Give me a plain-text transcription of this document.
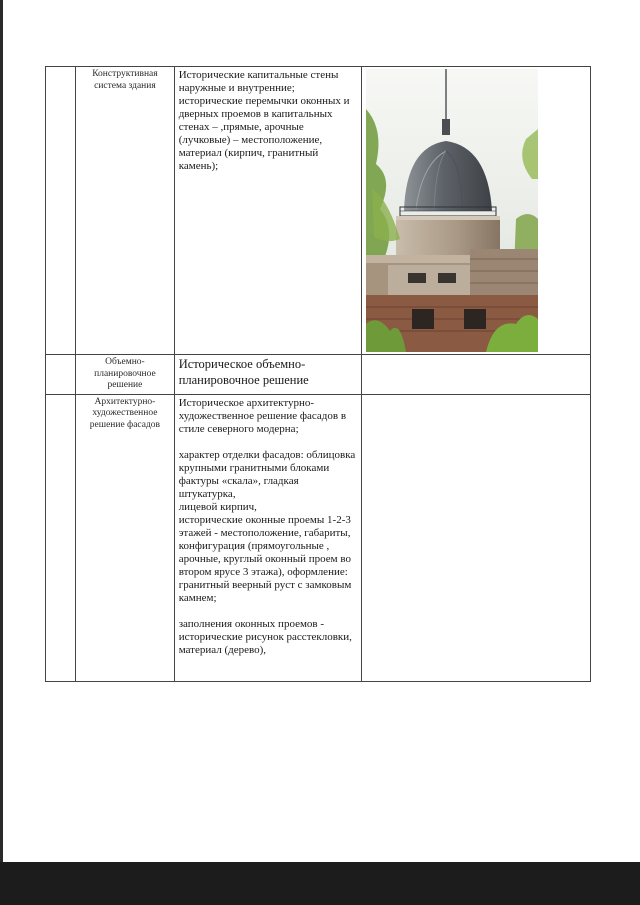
	Конструктивная система здания	Исторические капитальные стены наружные и внутренние;
исторические перемычки оконных и дверных проемов в капитальных стенах – ,прямые, арочные (лучковые) – местоположение, материал (кирпич, гранитный камень);

	Объемно-планировочное решение	Историческое объемно-планировочное решение	

	Архитектурно-художественное решение фасадов	Историческое архитектурно-художественное решение фасадов в стиле северного модерна;

характер отделки фасадов: облицовка крупными гранитными блоками фактуры «скала», гладкая штукатурка,
лицевой кирпич,
исторические оконные проемы 1-2-3 этажей - местоположение, габариты, конфигурация (прямоугольные , арочные, круглый оконный проем во втором ярусе 3 этажа), оформление: гранитный веерный руст с замковым камнем;

заполнения оконных проемов - исторические рисунок расстекловки, материал (дерево),	
